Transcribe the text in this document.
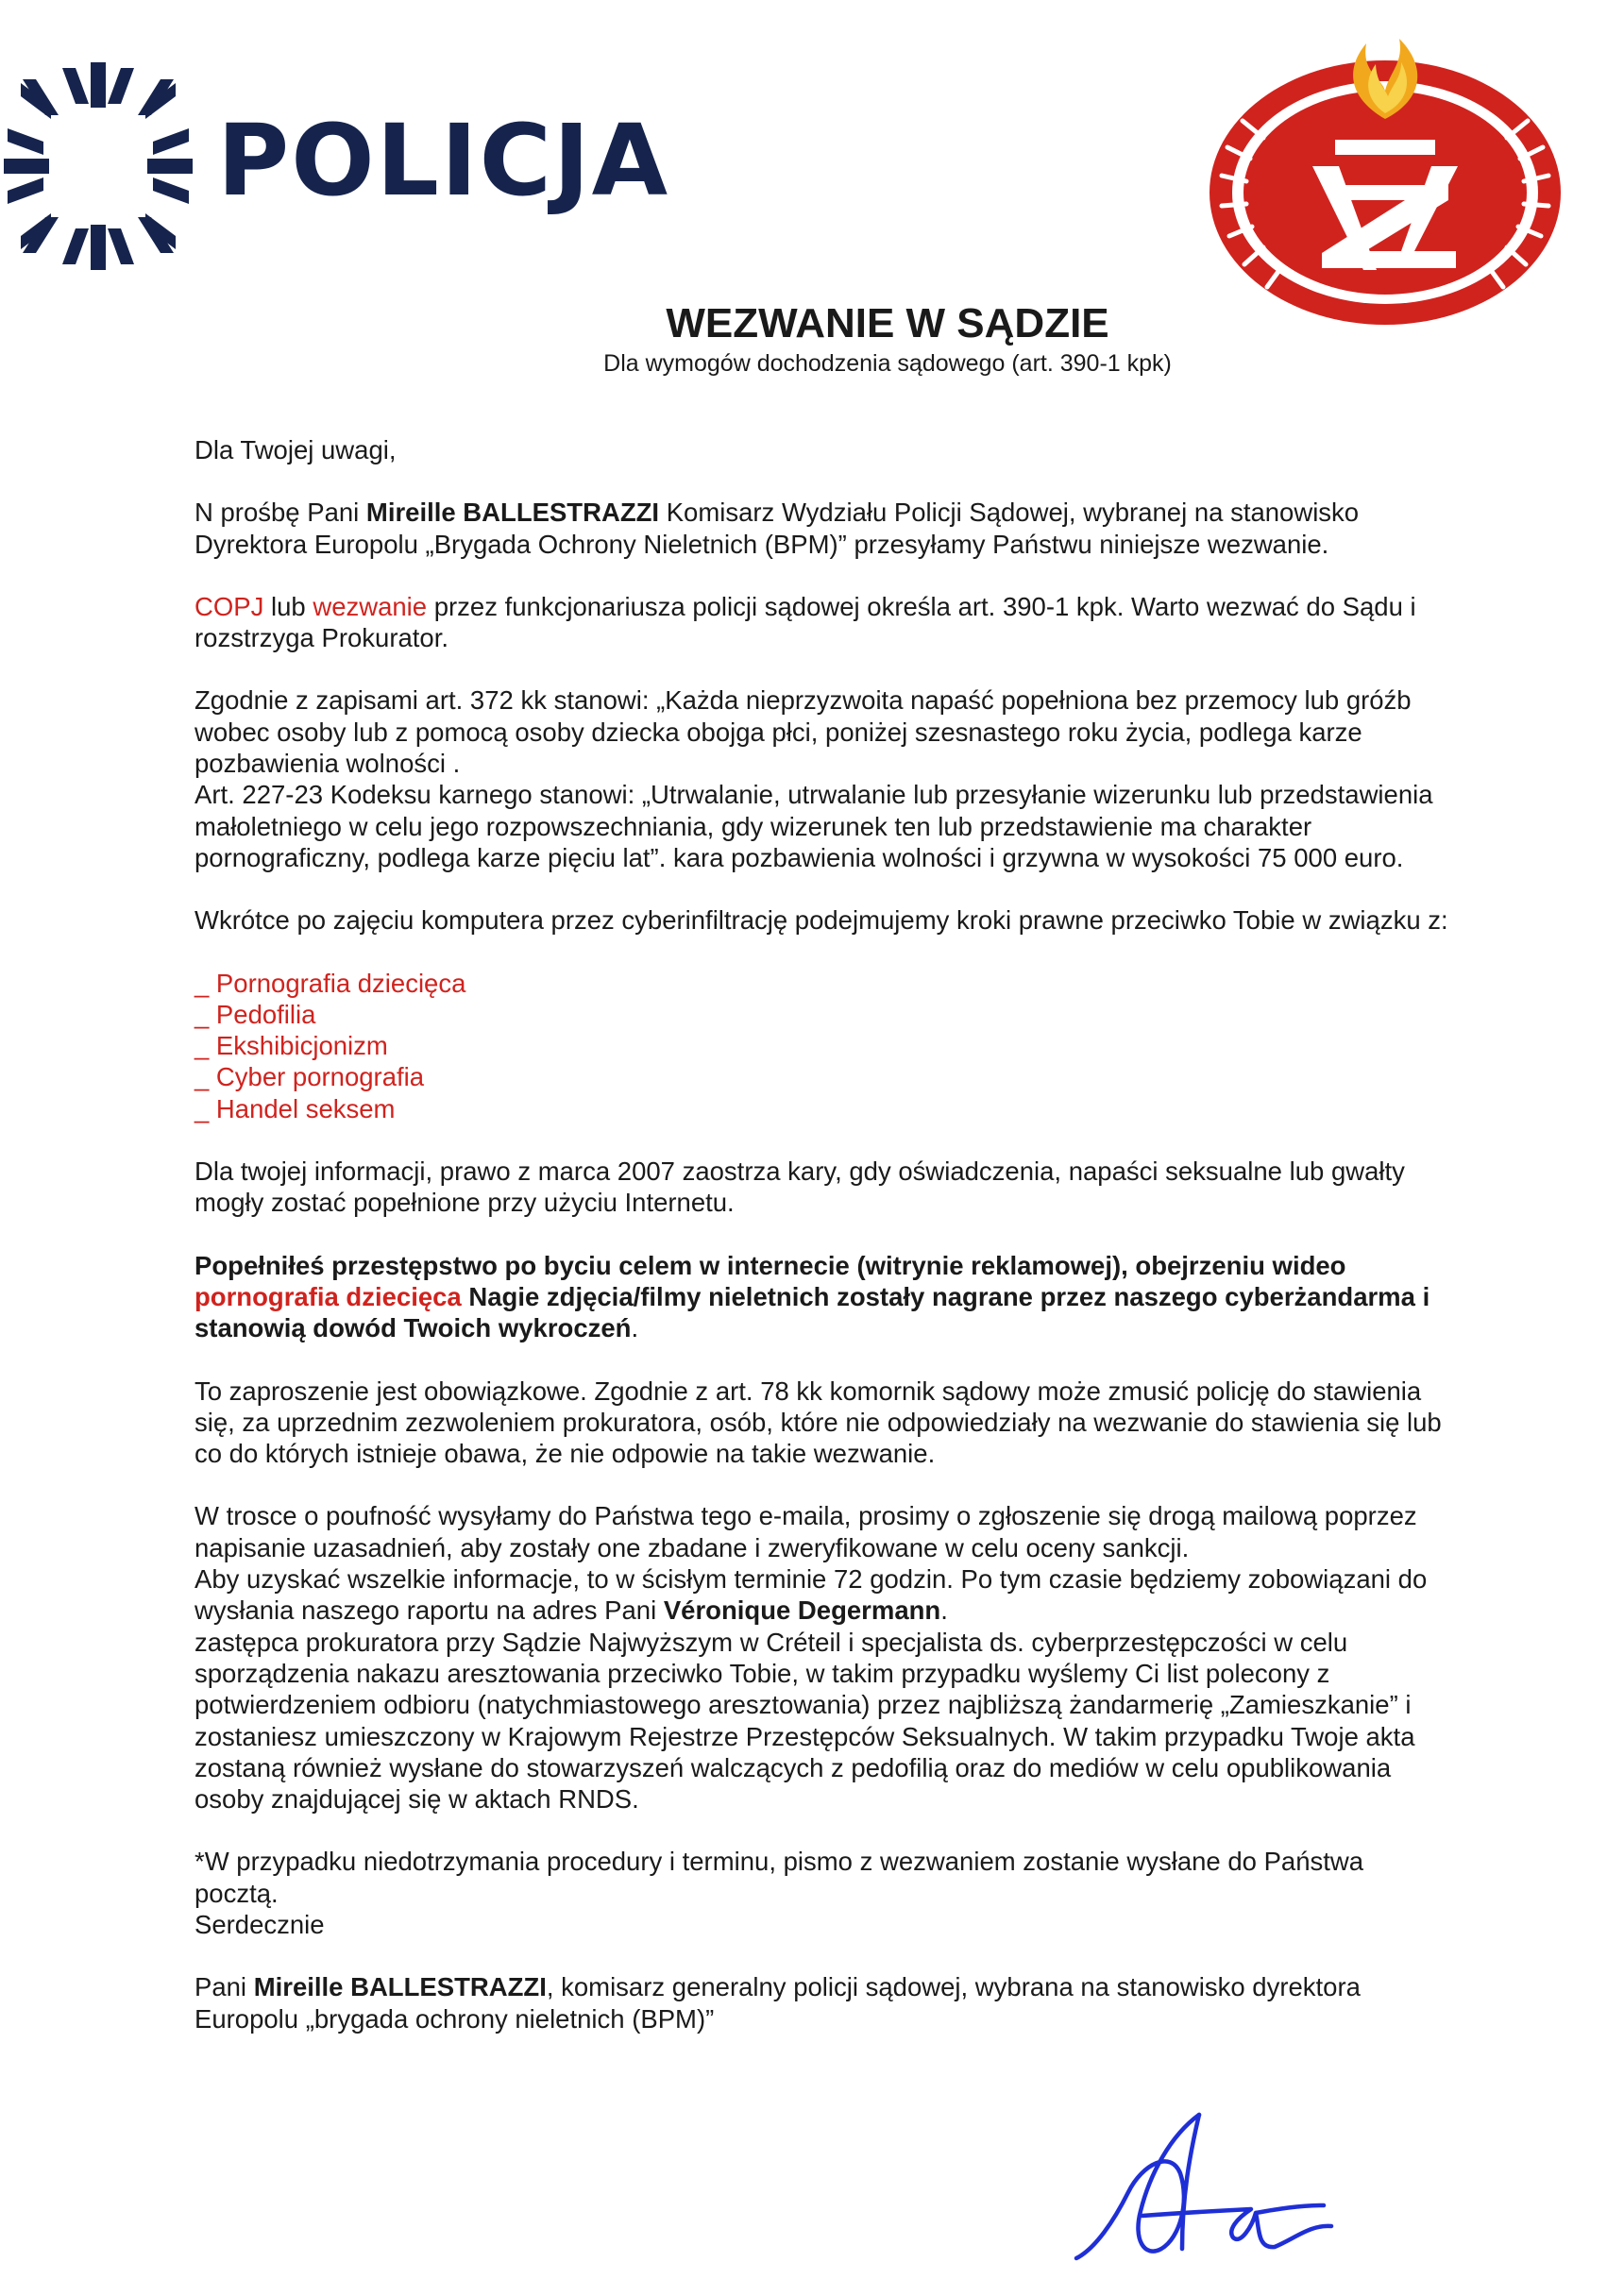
POLICJA
WEZWANIE W SĄDZIE
Dla wymogów dochodzenia sądowego (art. 390-1 kpk)

Dla Twojej uwagi,

N prośbę Pani Mireille BALLESTRAZZI Komisarz Wydziału Policji Sądowej, wybranej na stanowisko Dyrektora Europolu „Brygada Ochrony Nieletnich (BPM)” przesyłamy Państwu niniejsze wezwanie.

COPJ lub wezwanie przez funkcjonariusza policji sądowej określa art. 390-1 kpk. Warto wezwać do Sądu i rozstrzyga Prokurator.

Zgodnie z zapisami art. 372 kk stanowi: „Każda nieprzyzwoita napaść popełniona bez przemocy lub gróźb wobec osoby lub z pomocą osoby dziecka obojga płci, poniżej szesnastego roku życia, podlega karze pozbawienia wolności .

Art. 227-23 Kodeksu karnego stanowi: „Utrwalanie, utrwalanie lub przesyłanie wizerunku lub przedstawienia małoletniego w celu jego rozpowszechniania, gdy wizerunek ten lub przedstawienie ma charakter pornograficzny, podlega karze pięciu lat”. kara pozbawienia wolności i grzywna w wysokości 75 000 euro.

Wkrótce po zajęciu komputera przez cyberinfiltrację podejmujemy kroki prawne przeciwko Tobie w związku z:

_ Pornografia dziecięca
_ Pedofilia
_ Ekshibicjonizm
_ Cyber pornografia
_ Handel seksem

Dla twojej informacji, prawo z marca 2007 zaostrza kary, gdy oświadczenia, napaści seksualne lub gwałty mogły zostać popełnione przy użyciu Internetu.

Popełniłeś przestępstwo po byciu celem w internecie (witrynie reklamowej), obejrzeniu wideo pornografia dziecięca Nagie zdjęcia/filmy nieletnich zostały nagrane przez naszego cyberżandarma i stanowią dowód Twoich wykroczeń.

To zaproszenie jest obowiązkowe. Zgodnie z art. 78 kk komornik sądowy może zmusić policję do stawienia się, za uprzednim zezwoleniem prokuratora, osób, które nie odpowiedziały na wezwanie do stawienia się lub co do których istnieje obawa, że nie odpowie na takie wezwanie.

W trosce o poufność wysyłamy do Państwa tego e-maila, prosimy o zgłoszenie się drogą mailową poprzez napisanie uzasadnień, aby zostały one zbadane i zweryfikowane w celu oceny sankcji.

Aby uzyskać wszelkie informacje, to w ścisłym terminie 72 godzin. Po tym czasie będziemy zobowiązani do wysłania naszego raportu na adres Pani Véronique Degermann.

zastępca prokuratora przy Sądzie Najwyższym w Créteil i specjalista ds. cyberprzestępczości w celu sporządzenia nakazu aresztowania przeciwko Tobie, w takim przypadku wyślemy Ci list polecony z potwierdzeniem odbioru (natychmiastowego aresztowania) przez najbliższą żandarmerię „Zamieszkanie” i zostaniesz umieszczony w Krajowym Rejestrze Przestępców Seksualnych. W takim przypadku Twoje akta zostaną również wysłane do stowarzyszeń walczących z pedofilią oraz do mediów w celu opublikowania osoby znajdującej się w aktach RNDS.

*W przypadku niedotrzymania procedury i terminu, pismo z wezwaniem zostanie wysłane do Państwa pocztą.

Serdecznie

Pani Mireille BALLESTRAZZI, komisarz generalny policji sądowej, wybrana na stanowisko dyrektora Europolu „brygada ochrony nieletnich (BPM)”
